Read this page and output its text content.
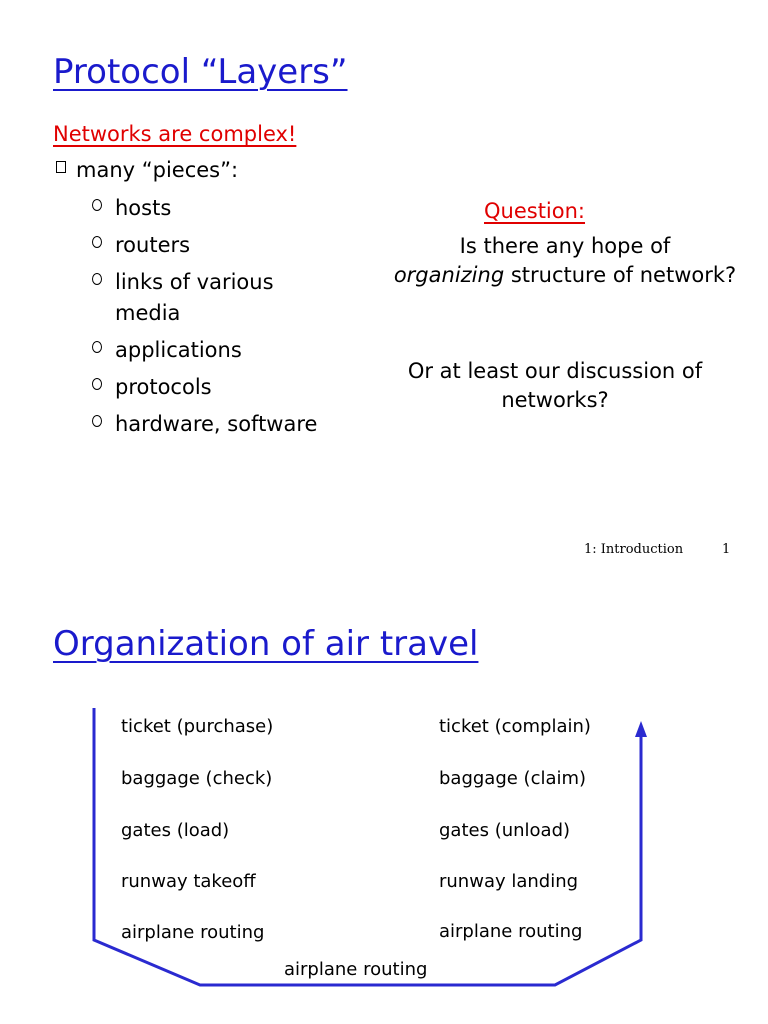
Protocol “Layers”
Networks are complex!
many “pieces”:
hosts
routers
links of various media
applications
protocols
hardware, software
Question:
Is there any hope of
organizing structure of network?
Or at least our discussion of networks?
1: Introduction	1
Organization of air travel
ticket (purchase)
baggage (check)
gates (load)
runway takeoff
airplane routing
ticket (complain)
baggage (claim)
gates (unload)
runway landing
airplane routing
airplane routing
